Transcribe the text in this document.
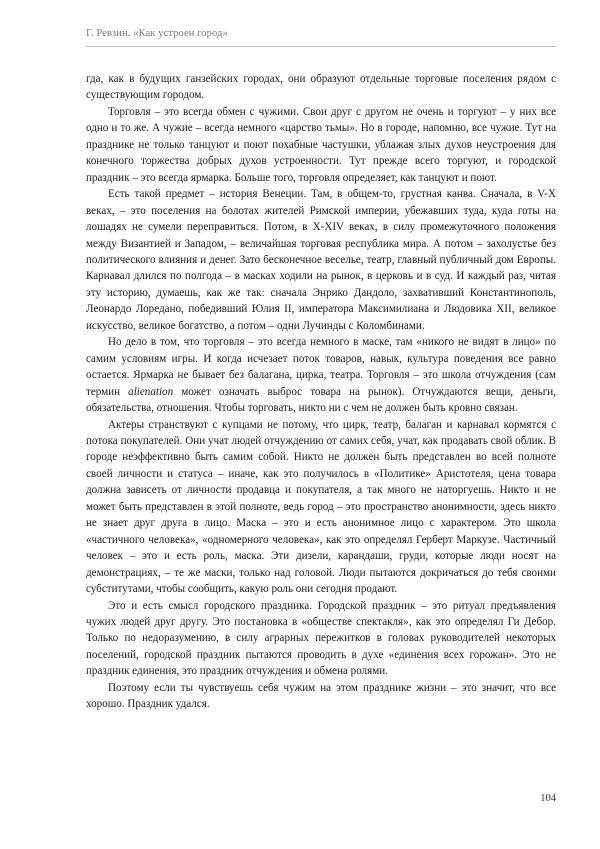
Г. Ревзин. «Как устроен город»

гда, как в будущих ганзейских городах, они образуют отдельные торговые поселения рядом с существующим городом.

Торговля – это всегда обмен с чужими. Свои друг с другом не очень и торгуют – у них все одно и то же. А чужие – всегда немного «царство тьмы». Но в городе, напомню, все чужие. Тут на празднике не только танцуют и поют похабные частушки, ублажая злых духов неустроения для конечного торжества добрых духов устроенности. Тут прежде всего торгуют, и городской праздник – это всегда ярмарка. Больше того, торговля определяет, как танцуют и поют.

Есть такой предмет – история Венеции. Там, в общем-то, грустная канва. Сначала, в V-X веках, – это поселения на болотах жителей Римской империи, убежавших туда, куда готы на лошадях не сумели переправиться. Потом, в X-XIV веках, в силу промежуточного положения между Византией и Западом, – величайшая торговая республика мира. А потом – захолустье без политического влияния и денег. Зато бесконечное веселье, театр, главный публичный дом Европы. Карнавал длился по полгода – в масках ходили на рынок, в церковь и в суд. И каждый раз, читая эту историю, думаешь, как же так: сначала Энрико Дандоло, захвативший Константинополь, Леонардо Лоредано, победивший Юлия II, императора Максимилиана и Людовика XII, великое искусство, великое богатство, а потом – одни Лучинды с Коломбинами.

Но дело в том, что торговля – это всегда немного в маске, там «никого не видят в лицо» по самим условиям игры. И когда исчезает поток товаров, навык, культура поведения все равно остается. Ярмарка не бывает без балагана, цирка, театра. Торговля – это школа отчуждения (сам термин alienation может означать выброс товара на рынок). Отчуждаются вещи, деньги, обязательства, отношения. Чтобы торговать, никто ни с чем не должен быть кровно связан.

Актеры странствуют с купцами не потому, что цирк, театр, балаган и карнавал кормятся с потока покупателей. Они учат людей отчуждению от самих себя, учат, как продавать свой облик. В городе неэффективно быть самим собой. Никто не должен быть представлен во всей полноте своей личности и статуса – иначе, как это получилось в «Политике» Аристотеля, цена товара должна зависеть от личности продавца и покупателя, а так много не наторгуешь. Никто и не может быть представлен в этой полноте, ведь город – это пространство анонимности, здесь никто не знает друг друга в лицо. Маска – это и есть анонимное лицо с характером. Это школа «частичного человека», «одномерного человека», как это определял Герберт Маркузе. Частичный человек – это и есть роль, маска. Эти дизели, карандаши, груди, которые люди носят на демонстрациях, – те же маски, только над головой. Люди пытаются докричаться до тебя своими субститутами, чтобы сообщить, какую роль они сегодня продают.

Это и есть смысл городского праздника. Городской праздник – это ритуал предъявления чужих людей друг другу. Это постановка в «обществе спектакля», как это определял Ги Дебор. Только по недоразумению, в силу аграрных пережитков в головах руководителей некоторых поселений, городской праздник пытаются проводить в духе «единения всех горожан». Это не праздник единения, это праздник отчуждения и обмена ролями.

Поэтому если ты чувствуешь себя чужим на этом празднике жизни – это значит, что все хорошо. Праздник удался.

104
